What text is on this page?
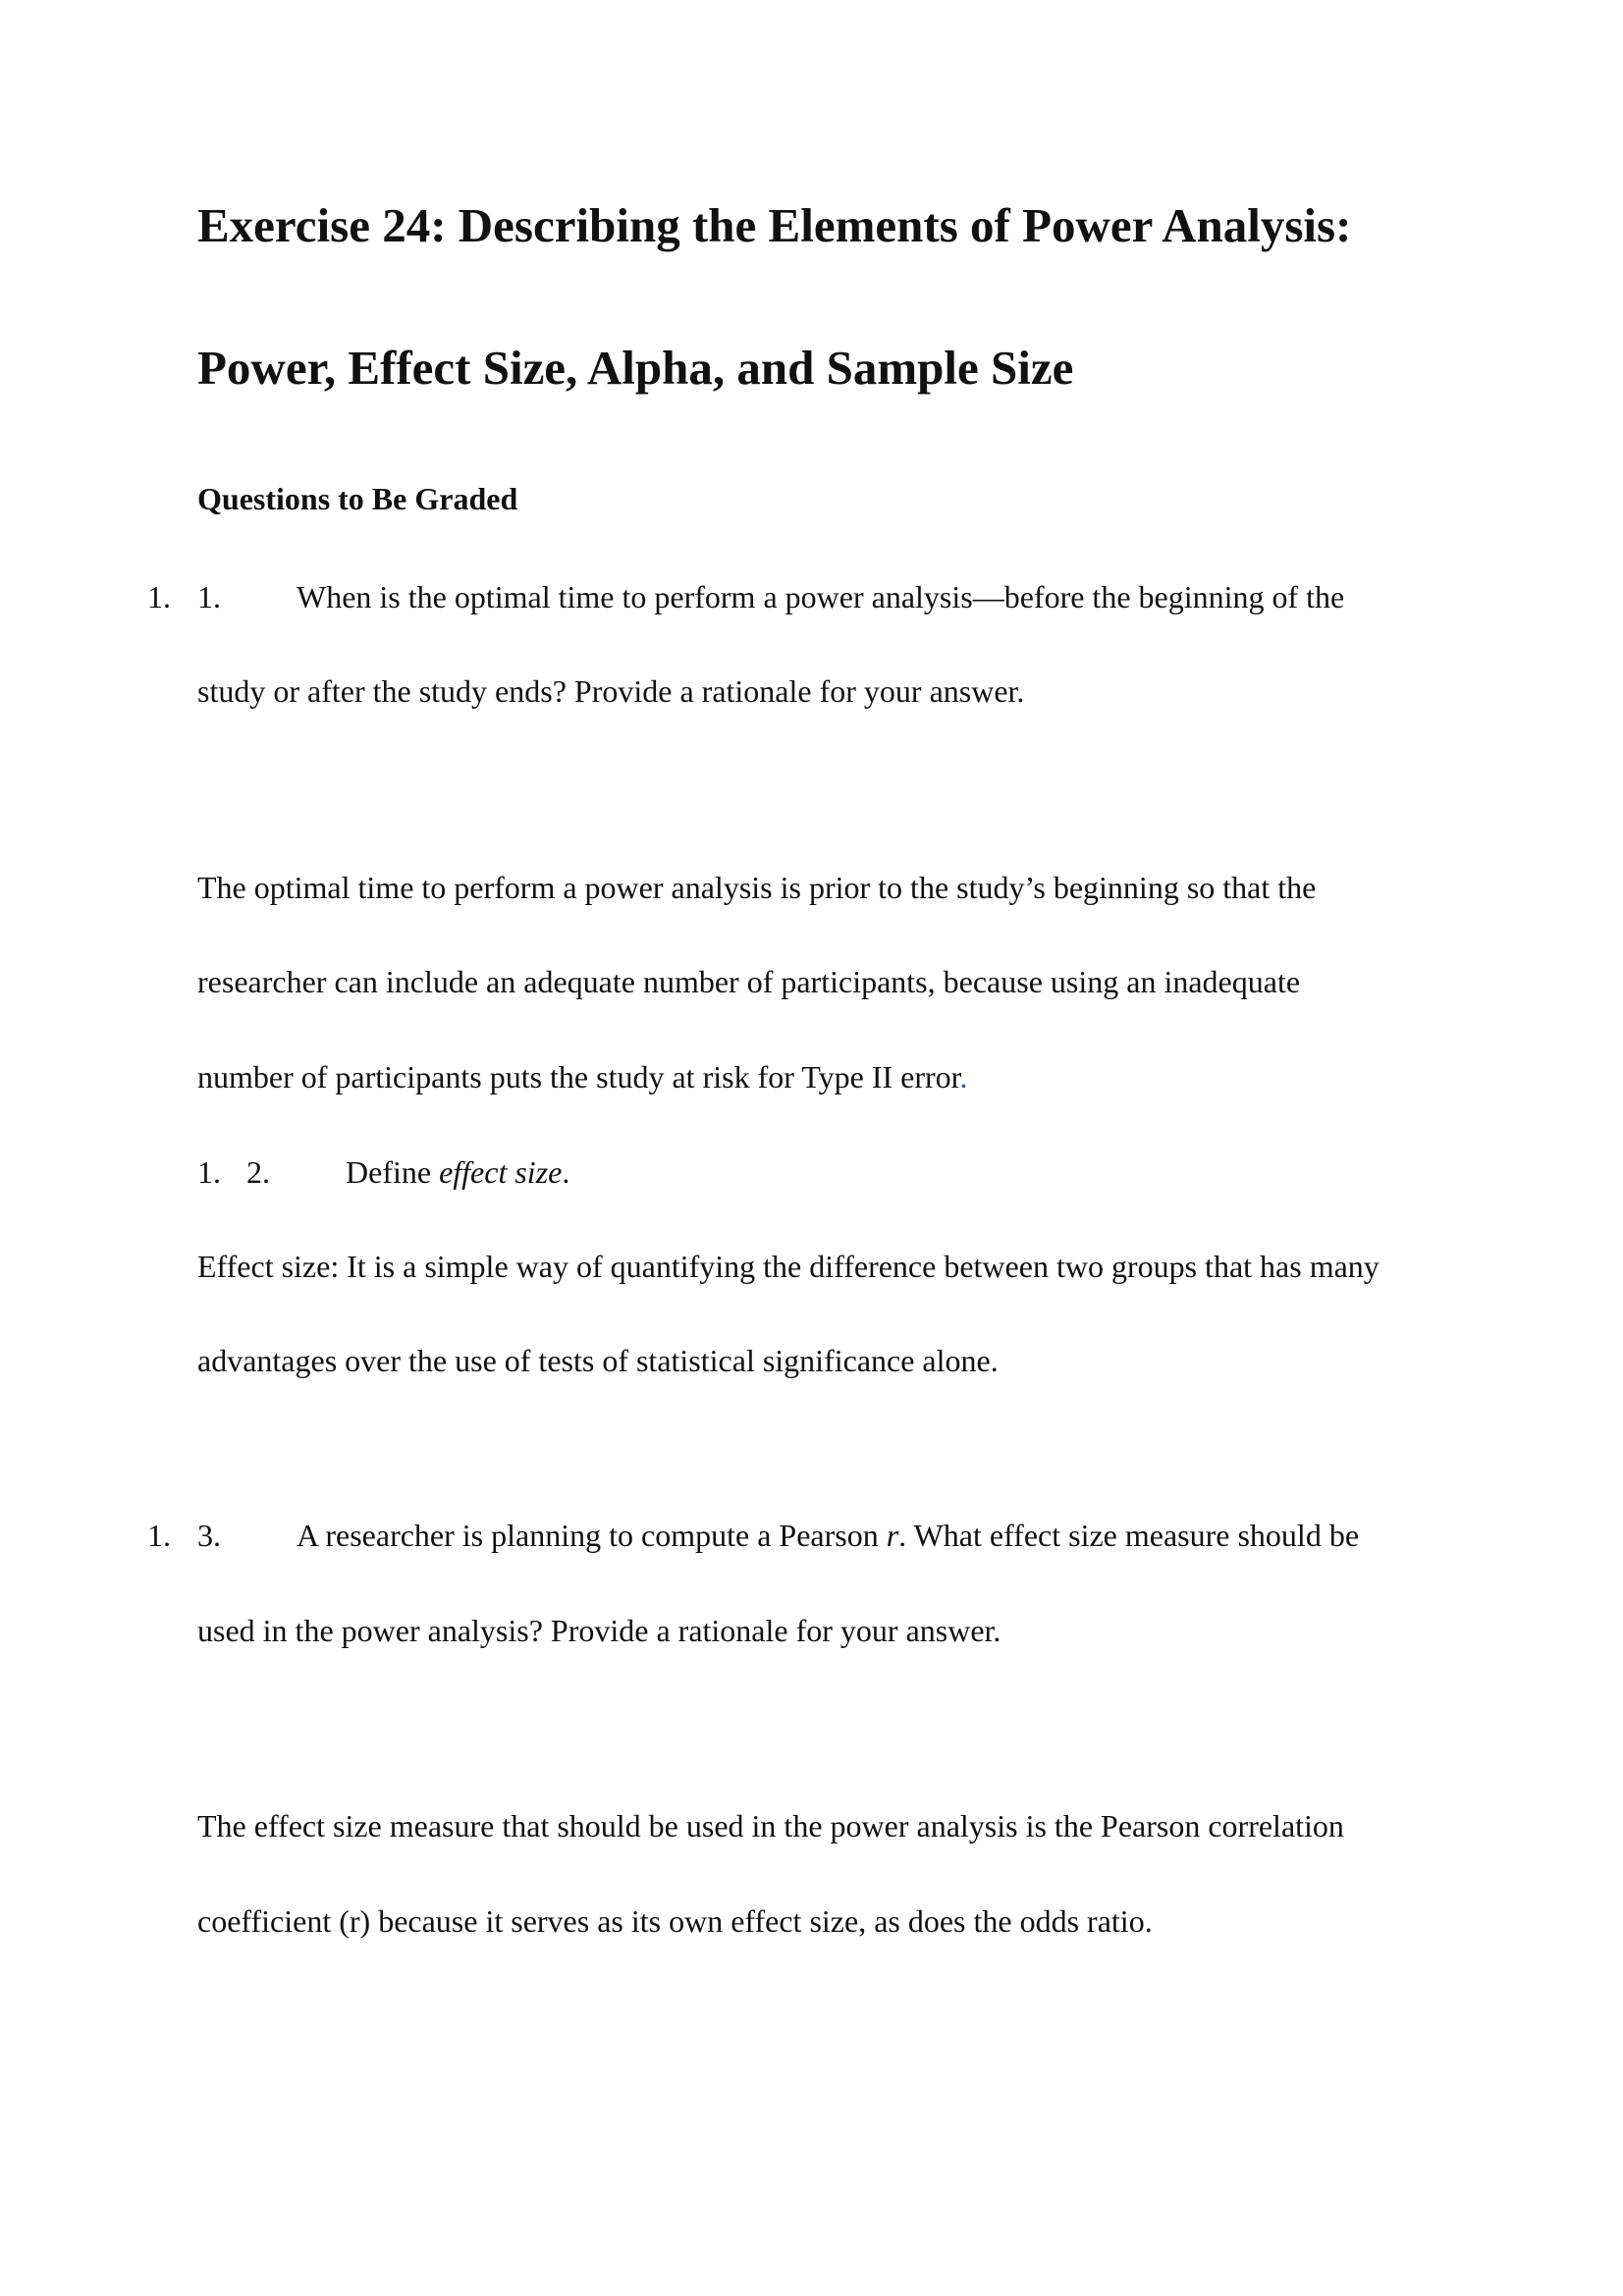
Exercise 24: Describing the Elements of Power Analysis:
Power, Effect Size, Alpha, and Sample Size
Questions to Be Graded
1. 1. When is the optimal time to perform a power analysis—before the beginning of the
study or after the study ends? Provide a rationale for your answer.
The optimal time to perform a power analysis is prior to the study’s beginning so that the
researcher can include an adequate number of participants, because using an inadequate
number of participants puts the study at risk for Type II error.
1. 2. Define effect size.
Effect size: It is a simple way of quantifying the difference between two groups that has many
advantages over the use of tests of statistical significance alone.
1. 3. A researcher is planning to compute a Pearson r. What effect size measure should be
used in the power analysis? Provide a rationale for your answer.
The effect size measure that should be used in the power analysis is the Pearson correlation
coefficient (r) because it serves as its own effect size, as does the odds ratio.
